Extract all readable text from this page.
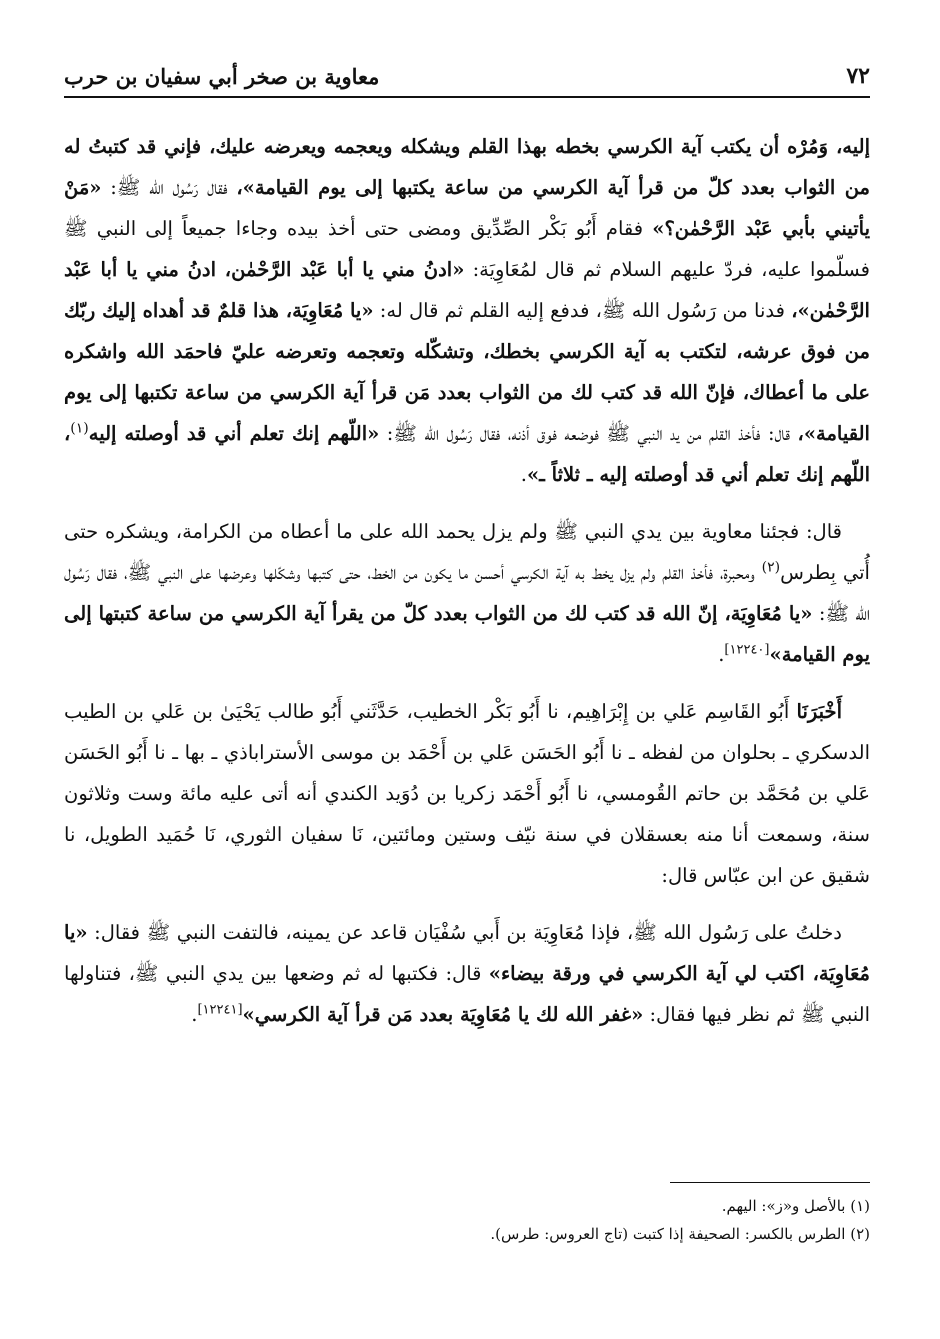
٧٢
معاوية بن صخر أبي سفيان بن حرب

إليه، وَمُرْه أن يكتب آية الكرسي بخطه بهذا القلم ويشكله ويعجمه ويعرضه عليك، فإني قد كتبتُ له من الثواب بعدد كلّ من قرأ آية الكرسي من ساعة يكتبها إلى يوم القيامة»، فقال رَسُول الله ﷺ: «مَنْ يأتيني بأبي عَبْد الرَّحْمٰن؟» فقام أَبُو بَكْر الصِّدِّيق ومضى حتى أخذ بيده وجاءا جميعاً إلى النبي ﷺ فسلّموا عليه، فردّ عليهم السلام ثم قال لمُعَاوِيَة: «ادنُ مني يا أبا عَبْد الرَّحْمٰن، ادنُ مني يا أبا عَبْد الرَّحْمٰن»، فدنا من رَسُول الله ﷺ، فدفع إليه القلم ثم قال له: «يا مُعَاوِيَة، هذا قلمٌ قد أهداه إليك ربّك من فوق عرشه، لتكتب به آية الكرسي بخطك، وتشكّله وتعجمه وتعرضه عليّ فاحمَد الله واشكره على ما أعطاك، فإنّ الله قد كتب لك من الثواب بعدد مَن قرأ آية الكرسي من ساعة تكتبها إلى يوم القيامة»، قال: فأخذ القلم من يد النبي ﷺ فوضعه فوق أذنه، فقال رَسُول الله ﷺ: «اللّهم إنك تعلم أني قد أوصلته إليه$^{(١)}$، اللّهم إنك تعلم أني قد أوصلته إليه ـ ثلاثاً ـ».

قال: فجئنا معاوية بين يدي النبي ﷺ ولم يزل يحمد الله على ما أعطاه من الكرامة، ويشكره حتى أُتي بِطرس$^{(٢)}$ ومحبرة، فأخذ القلم ولم يزل يخط به آية الكرسي أحسن ما يكون من الخط، حتى كتبها وشكّلها وعرضها على النبي ﷺ، فقال رَسُول الله ﷺ: «يا مُعَاوِيَة، إنّ الله قد كتب لك من الثواب بعدد كلّ من يقرأ آية الكرسي من ساعة كتبتها إلى يوم القيامة»[١٢٢٤٠].

أَخْبَرَنَا أَبُو القَاسِم عَلي بن إِبْرَاهِيم، نا أَبُو بَكْر الخطيب، حَدَّثَني أَبُو طالب يَحْيَىٰ بن عَلي بن الطيب الدسكري ـ بحلوان من لفظه ـ نا أَبُو الحَسَن عَلي بن أَحْمَد بن موسى الأستراباذي ـ بها ـ نا أَبُو الحَسَن عَلي بن مُحَمَّد بن حاتم القُومسي، نا أَبُو أَحْمَد زكريا بن دُوَيد الكندي أنه أتى عليه مائة وست وثلاثون سنة، وسمعت أنا منه بعسقلان في سنة نيّف وستين ومائتين، نَا سفيان الثوري، نَا حُمَيد الطويل، نا شقيق عن ابن عبّاس قال:

دخلتُ على رَسُول الله ﷺ، فإذا مُعَاوِيَة بن أَبي سُفْيَان قاعد عن يمينه، فالتفت النبي ﷺ فقال: «يا مُعَاوِيَة، اكتب لي آية الكرسي في ورقة بيضاء» قال: فكتبها له ثم وضعها بين يدي النبي ﷺ، فتناولها النبي ﷺ ثم نظر فيها فقال: «غفر الله لك يا مُعَاوِيَة بعدد مَن قرأ آية الكرسي»[١٢٢٤١].

(١) بالأصل و«ز»: اليهم.

(٢) الطرس بالكسر: الصحيفة إذا كتبت (تاج العروس: طرس).
